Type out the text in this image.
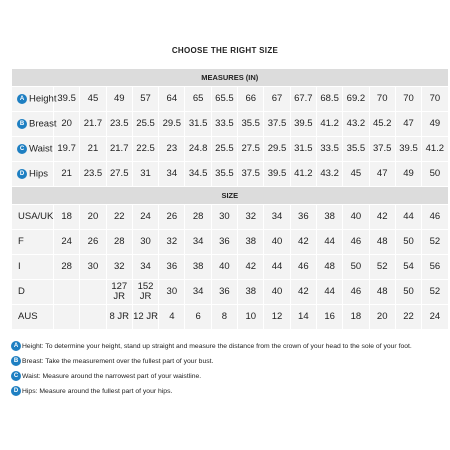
CHOOSE THE RIGHT SIZE
MEASURES (IN)															
A Height	39.5	45	49	57	64	65	65.5	66	67	67.7	68.5	69.2	70	70	70
B Breast	20	21.7	23.5	25.5	29.5	31.5	33.5	35.5	37.5	39.5	41.2	43.2	45.2	47	49
C Waist	19.7	21	21.7	22.5	23	24.8	25.5	27.5	29.5	31.5	33.5	35.5	37.5	39.5	41.2
D Hips	21	23.5	27.5	31	34	34.5	35.5	37.5	39.5	41.2	43.2	45	47	49	50
SIZE															
USA/UK	18	20	22	24	26	28	30	32	34	36	38	40	42	44	46
F	24	26	28	30	32	34	36	38	40	42	44	46	48	50	52
I	28	30	32	34	36	38	40	42	44	46	48	50	52	54	56
D			127 JR	152 JR	30	34	36	38	40	42	44	46	48	50	52
AUS			8 JR	12 JR	4	6	8	10	12	14	16	18	20	22	24
A Height: To determine your height, stand up straight and measure the distance from the crown of your head to the sole of your foot.
B Breast: Take the measurement over the fullest part of your bust.
C Waist: Measure around the narrowest part of your waistline.
D Hips: Measure around the fullest part of your hips.
